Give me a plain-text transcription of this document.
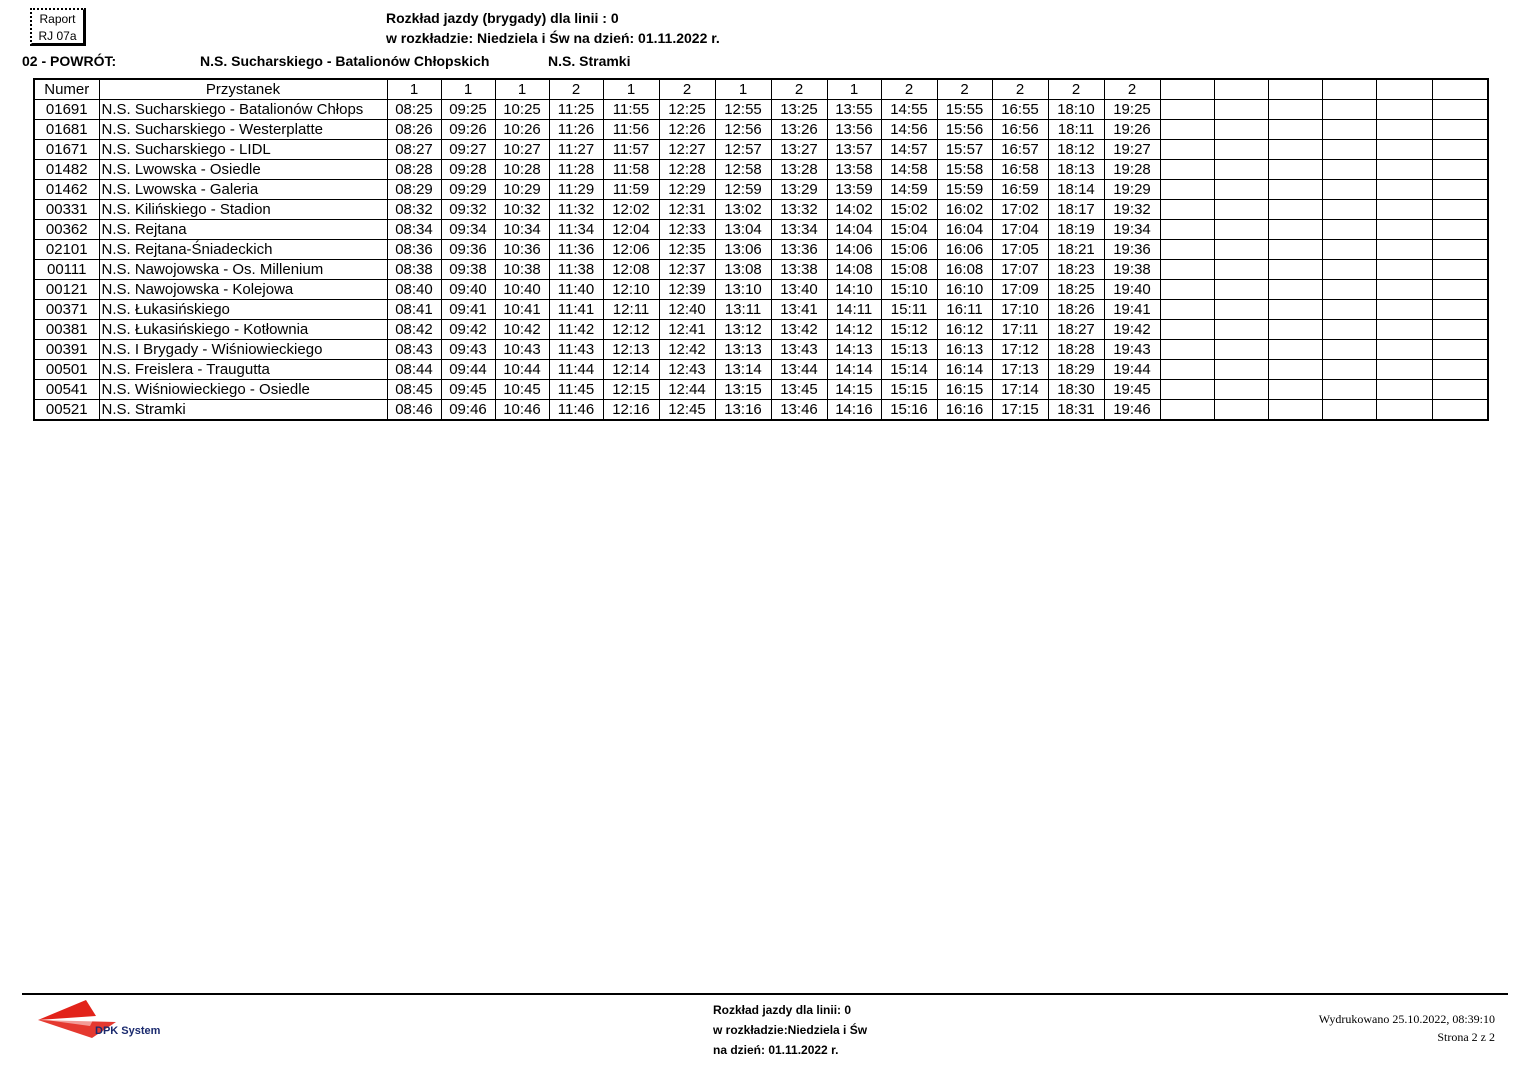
Raport
RJ 07a
Rozkład jazdy (brygady) dla linii : 0
w rozkładzie: Niedziela i Św na dzień: 01.11.2022 r.
02 - POWRÓT:	N.S. Sucharskiego - Batalionów Chłopskich	N.S. Stramki
Numer	Przystanek	1	1	1	2	1	2	1	2	1	2	2	2	2	2						
01691	N.S. Sucharskiego - Batalionów Chłops	08:25	09:25	10:25	11:25	11:55	12:25	12:55	13:25	13:55	14:55	15:55	16:55	18:10	19:25						
01681	N.S. Sucharskiego - Westerplatte	08:26	09:26	10:26	11:26	11:56	12:26	12:56	13:26	13:56	14:56	15:56	16:56	18:11	19:26						
01671	N.S. Sucharskiego - LIDL	08:27	09:27	10:27	11:27	11:57	12:27	12:57	13:27	13:57	14:57	15:57	16:57	18:12	19:27						
01482	N.S. Lwowska - Osiedle	08:28	09:28	10:28	11:28	11:58	12:28	12:58	13:28	13:58	14:58	15:58	16:58	18:13	19:28						
01462	N.S. Lwowska - Galeria	08:29	09:29	10:29	11:29	11:59	12:29	12:59	13:29	13:59	14:59	15:59	16:59	18:14	19:29						
00331	N.S. Kilińskiego - Stadion	08:32	09:32	10:32	11:32	12:02	12:31	13:02	13:32	14:02	15:02	16:02	17:02	18:17	19:32						
00362	N.S. Rejtana	08:34	09:34	10:34	11:34	12:04	12:33	13:04	13:34	14:04	15:04	16:04	17:04	18:19	19:34						
02101	N.S. Rejtana-Śniadeckich	08:36	09:36	10:36	11:36	12:06	12:35	13:06	13:36	14:06	15:06	16:06	17:05	18:21	19:36						
00111	N.S. Nawojowska - Os. Millenium	08:38	09:38	10:38	11:38	12:08	12:37	13:08	13:38	14:08	15:08	16:08	17:07	18:23	19:38						
00121	N.S. Nawojowska - Kolejowa	08:40	09:40	10:40	11:40	12:10	12:39	13:10	13:40	14:10	15:10	16:10	17:09	18:25	19:40						
00371	N.S. Łukasińskiego	08:41	09:41	10:41	11:41	12:11	12:40	13:11	13:41	14:11	15:11	16:11	17:10	18:26	19:41						
00381	N.S. Łukasińskiego - Kotłownia	08:42	09:42	10:42	11:42	12:12	12:41	13:12	13:42	14:12	15:12	16:12	17:11	18:27	19:42						
00391	N.S. I Brygady - Wiśniowieckiego	08:43	09:43	10:43	11:43	12:13	12:42	13:13	13:43	14:13	15:13	16:13	17:12	18:28	19:43						
00501	N.S. Freislera - Traugutta	08:44	09:44	10:44	11:44	12:14	12:43	13:14	13:44	14:14	15:14	16:14	17:13	18:29	19:44						
00541	N.S. Wiśniowieckiego - Osiedle	08:45	09:45	10:45	11:45	12:15	12:44	13:15	13:45	14:15	15:15	16:15	17:14	18:30	19:45						
00521	N.S. Stramki	08:46	09:46	10:46	11:46	12:16	12:45	13:16	13:46	14:16	15:16	16:16	17:15	18:31	19:46						
DPK System
Rozkład jazdy dla linii: 0
w rozkładzie:Niedziela i Św
na dzień: 01.11.2022 r.
Wydrukowano 25.10.2022, 08:39:10
Strona 2 z 2
